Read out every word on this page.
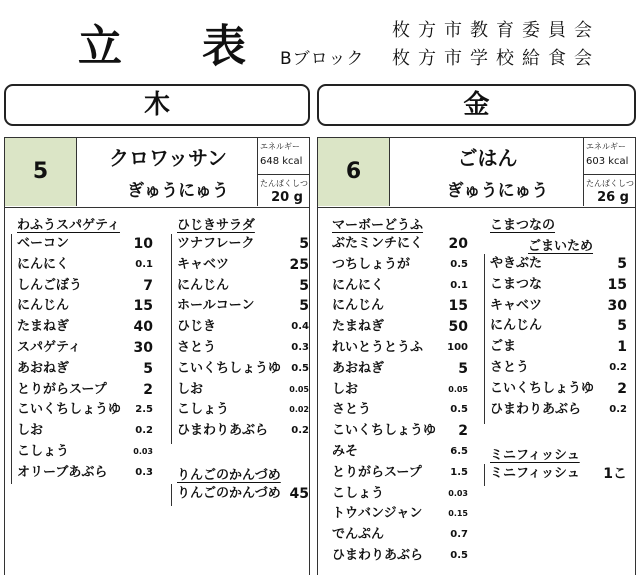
立 表 Bブロック
枚方市教育委員会
枚方市学校給食会
木	金
5
クロワッサン
ぎゅうにゅう
エネルギー
648 kcal
たんぱくしつ
20 g
わふうスパゲティ
ベーコン	10
にんにく	0.1
しんごぼう	7
にんじん	15
たまねぎ	40
スパゲティ	30
あおねぎ	5
とりがらスープ	2
こいくちしょうゆ 2.5
しお	0.2
こしょう	0.03
オリーブあぶら	0.3
ひじきサラダ
ツナフレーク	5
キャベツ	25
にんじん	5
ホールコーン	5
ひじき	0.4
さとう	0.3
こいくちしょうゆ 0.5
しお	0.05
こしょう	0.02
ひまわりあぶら 0.2
りんごのかんづめ
りんごのかんづめ 45
6
ごはん
ぎゅうにゅう
エネルギー
603 kcal
たんぱくしつ
26 g
マーボーどうふ
ぶたミンチにく 20
つちしょうが	0.5
にんにく	0.1
にんじん	15
たまねぎ	50
れいとうとうふ 100
あおねぎ	5
しお	0.05
さとう	0.5
こいくちしょうゆ 2
みそ	6.5
とりがらスープ	1.5
こしょう	0.03
トウバンジャン	0.15
でんぷん	0.7
ひまわりあぶら	0.5
こまつなの
ごまいため
やきぶた	5
こまつな	15
キャベツ	30
にんじん	5
ごま	1
さとう	0.2
こいくちしょうゆ 2
ひまわりあぶら	0.2
ミニフィッシュ
ミニフィッシュ 1こ
